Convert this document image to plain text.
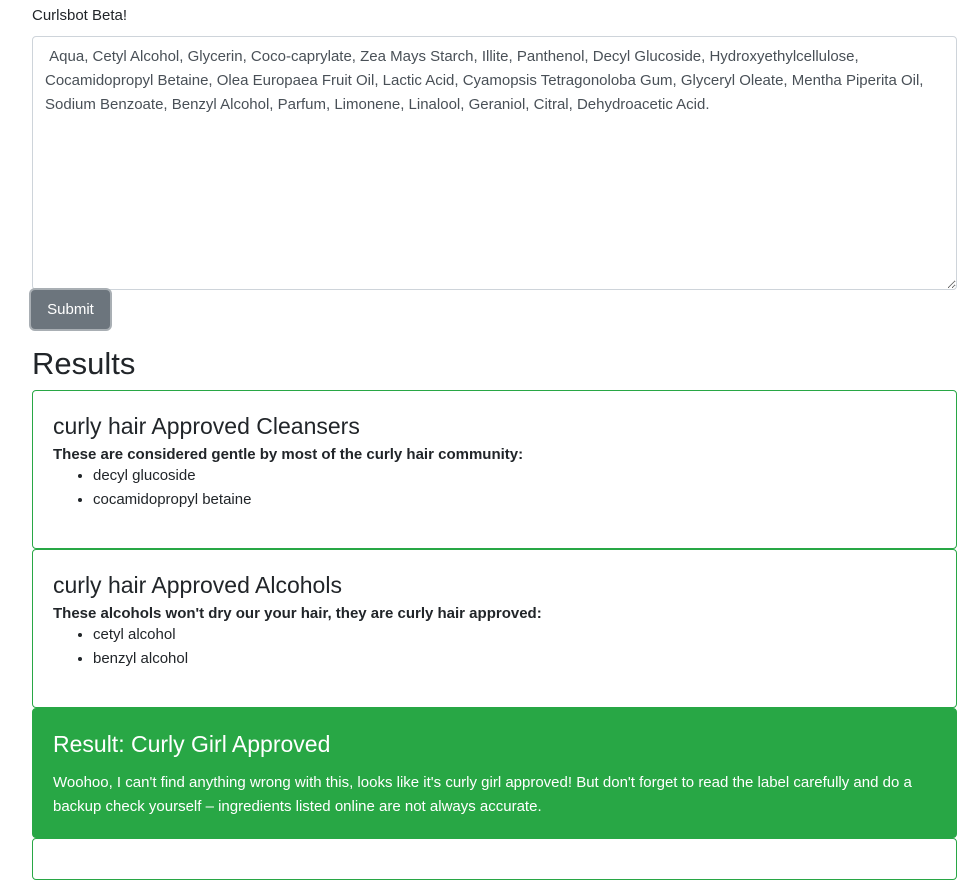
Curlsbot Beta!
Aqua, Cetyl Alcohol, Glycerin, Coco-caprylate, Zea Mays Starch, Illite, Panthenol, Decyl Glucoside, Hydroxyethylcellulose, Cocamidopropyl Betaine, Olea Europaea Fruit Oil, Lactic Acid, Cyamopsis Tetragonoloba Gum, Glyceryl Oleate, Mentha Piperita Oil, Sodium Benzoate, Benzyl Alcohol, Parfum, Limonene, Linalool, Geraniol, Citral, Dehydroacetic Acid.
Submit
Results
curly hair Approved Cleansers
These are considered gentle by most of the curly hair community:
• decyl glucoside
• cocamidopropyl betaine
curly hair Approved Alcohols
These alcohols won't dry our your hair, they are curly hair approved:
• cetyl alcohol
• benzyl alcohol
Result: Curly Girl Approved

Woohoo, I can't find anything wrong with this, looks like it's curly girl approved! But don't forget to read the label carefully and do a backup check yourself – ingredients listed online are not always accurate.
